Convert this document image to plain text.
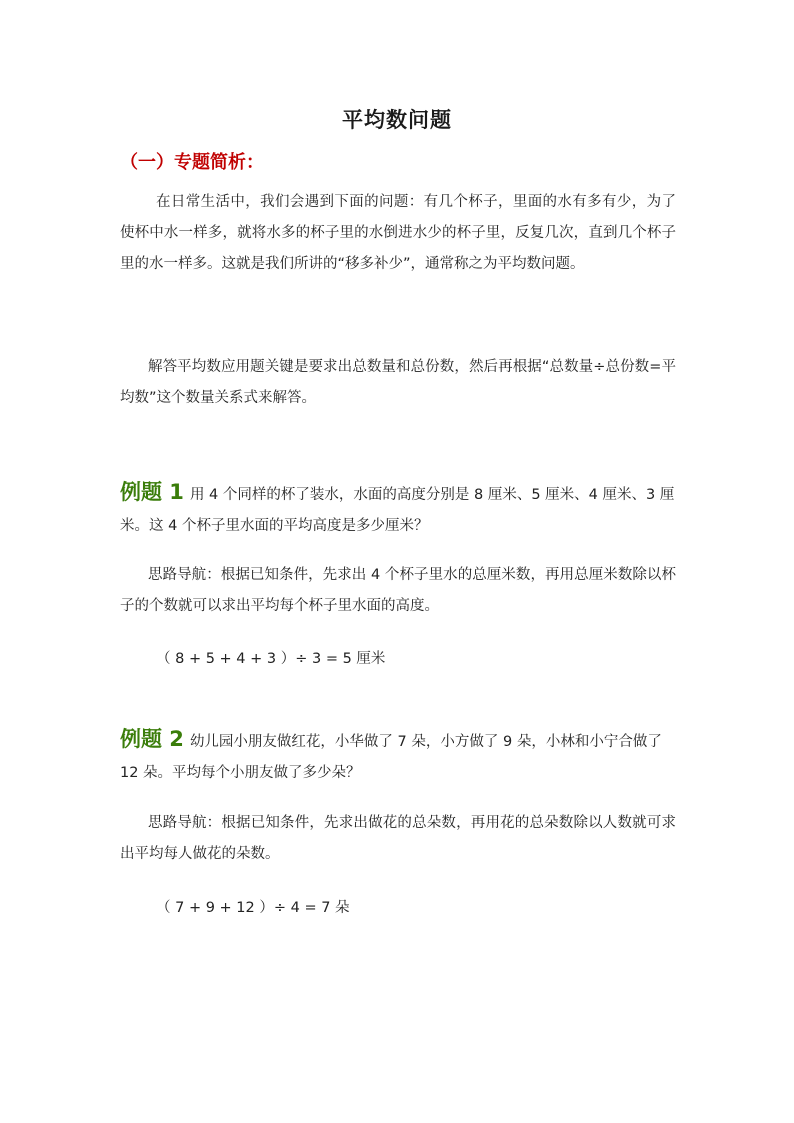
平均数问题
（一）专题简析：

在日常生活中，我们会遇到下面的问题：有几个杯子，里面的水有多有少，为了使杯中水一样多，就将水多的杯子里的水倒进水少的杯子里，反复几次，直到几个杯子里的水一样多。这就是我们所讲的“移多补少”，通常称之为平均数问题。

解答平均数应用题关键是要求出总数量和总份数，然后再根据“总数量÷总份数=平均数”这个数量关系式来解答。

例题 1 用 4 个同样的杯了装水，水面的高度分别是 8 厘米、5 厘米、4 厘米、3 厘米。这 4 个杯子里水面的平均高度是多少厘米？

思路导航：根据已知条件，先求出 4 个杯子里水的总厘米数，再用总厘米数除以杯子的个数就可以求出平均每个杯子里水面的高度。

（ 8 + 5 + 4 + 3 ）÷ 3 = 5 厘米
例题 2 幼儿园小朋友做红花，小华做了 7 朵，小方做了 9 朵，小林和小宁合做了 12 朵。平均每个小朋友做了多少朵？

思路导航：根据已知条件，先求出做花的总朵数，再用花的总朵数除以人数就可求出平均每人做花的朵数。

（ 7 + 9 + 12 ）÷ 4 = 7 朵
